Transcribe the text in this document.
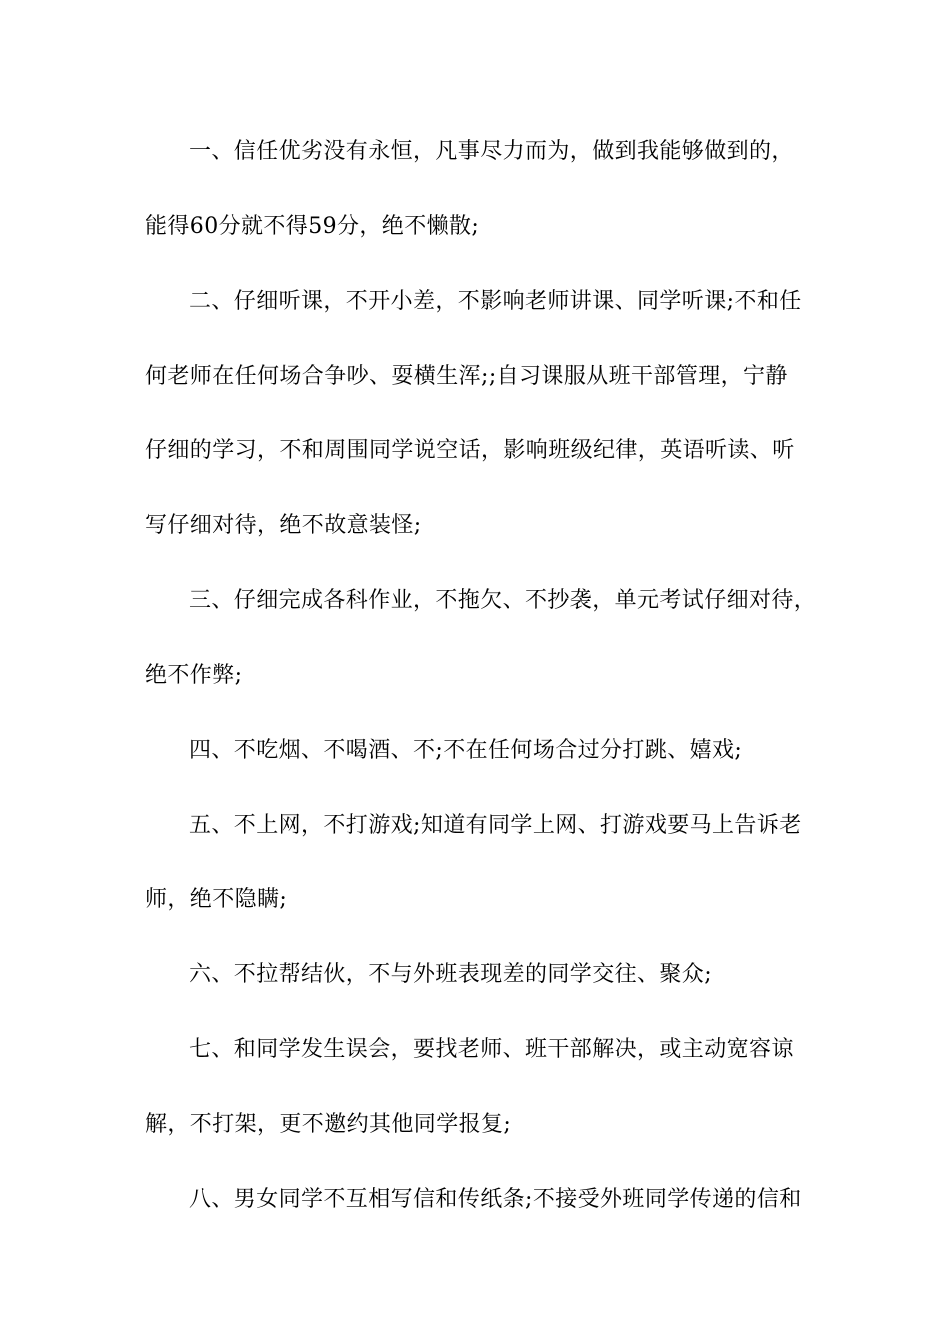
一、信任优劣没有永恒，凡事尽力而为，做到我能够做到的，
能得60分就不得59分，绝不懒散;
二、仔细听课，不开小差，不影响老师讲课、同学听课;不和任
何老师在任何场合争吵、耍横生浑;;自习课服从班干部管理，宁静
仔细的学习，不和周围同学说空话，影响班级纪律，英语听读、听
写仔细对待，绝不故意装怪;
三、仔细完成各科作业，不拖欠、不抄袭，单元考试仔细对待，
绝不作弊;
四、不吃烟、不喝酒、不;不在任何场合过分打跳、嬉戏;
五、不上网，不打游戏;知道有同学上网、打游戏要马上告诉老
师，绝不隐瞒;
六、不拉帮结伙，不与外班表现差的同学交往、聚众;
七、和同学发生误会，要找老师、班干部解决，或主动宽容谅
解，不打架，更不邀约其他同学报复;
八、男女同学不互相写信和传纸条;不接受外班同学传递的信和
